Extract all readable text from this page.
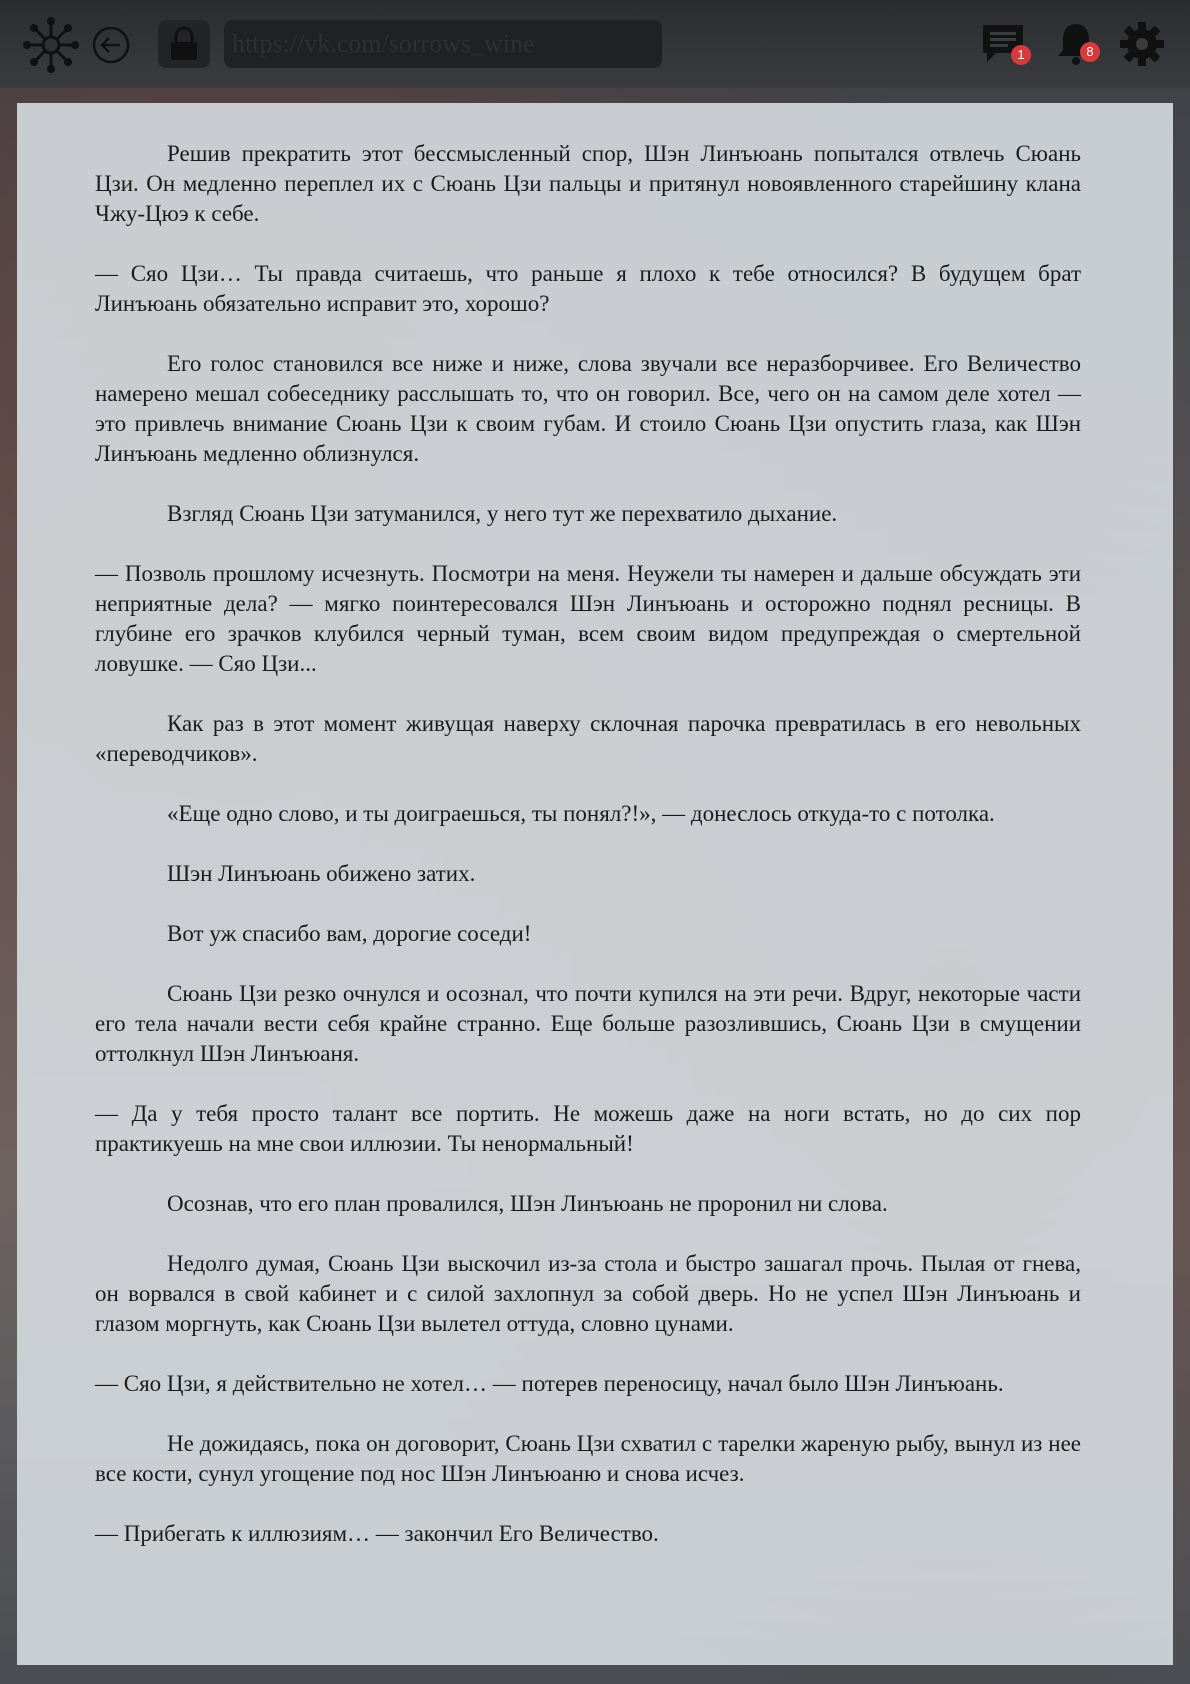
https://vk.com/sorrows_wine	1	8

Решив прекратить этот бессмысленный спор, Шэн Линъюань попытался отвлечь Сюань Цзи. Он медленно переплел их с Сюань Цзи пальцы и притянул новоявленного старейшину клана Чжу-Цюэ к себе.

— Сяо Цзи… Ты правда считаешь, что раньше я плохо к тебе относился? В будущем брат Линъюань обязательно исправит это, хорошо?

Его голос становился все ниже и ниже, слова звучали все неразборчивее. Его Величество намерено мешал собеседнику расслышать то, что он говорил. Все, чего он на самом деле хотел — это привлечь внимание Сюань Цзи к своим губам. И стоило Сюань Цзи опустить глаза, как Шэн Линъюань медленно облизнулся.

Взгляд Сюань Цзи затуманился, у него тут же перехватило дыхание.

— Позволь прошлому исчезнуть. Посмотри на меня. Неужели ты намерен и дальше обсуждать эти неприятные дела? — мягко поинтересовался Шэн Линъюань и осторожно поднял ресницы. В глубине его зрачков клубился черный туман, всем своим видом предупреждая о смертельной ловушке. — Сяо Цзи...

Как раз в этот момент живущая наверху склочная парочка превратилась в его невольных «переводчиков».

«Еще одно слово, и ты доиграешься, ты понял?!», — донеслось откуда-то с потолка.

Шэн Линъюань обижено затих.

Вот уж спасибо вам, дорогие соседи!

Сюань Цзи резко очнулся и осознал, что почти купился на эти речи. Вдруг, некоторые части его тела начали вести себя крайне странно. Еще больше разозлившись, Сюань Цзи в смущении оттолкнул Шэн Линъюаня.

— Да у тебя просто талант все портить. Не можешь даже на ноги встать, но до сих пор практикуешь на мне свои иллюзии. Ты ненормальный!

Осознав, что его план провалился, Шэн Линъюань не проронил ни слова.

Недолго думая, Сюань Цзи выскочил из-за стола и быстро зашагал прочь. Пылая от гнева, он ворвался в свой кабинет и с силой захлопнул за собой дверь. Но не успел Шэн Линъюань и глазом моргнуть, как Сюань Цзи вылетел оттуда, словно цунами.

— Сяо Цзи, я действительно не хотел… — потерев переносицу, начал было Шэн Линъюань.

Не дожидаясь, пока он договорит, Сюань Цзи схватил с тарелки жареную рыбу, вынул из нее все кости, сунул угощение под нос Шэн Линъюаню и снова исчез.

— Прибегать к иллюзиям… — закончил Его Величество.
